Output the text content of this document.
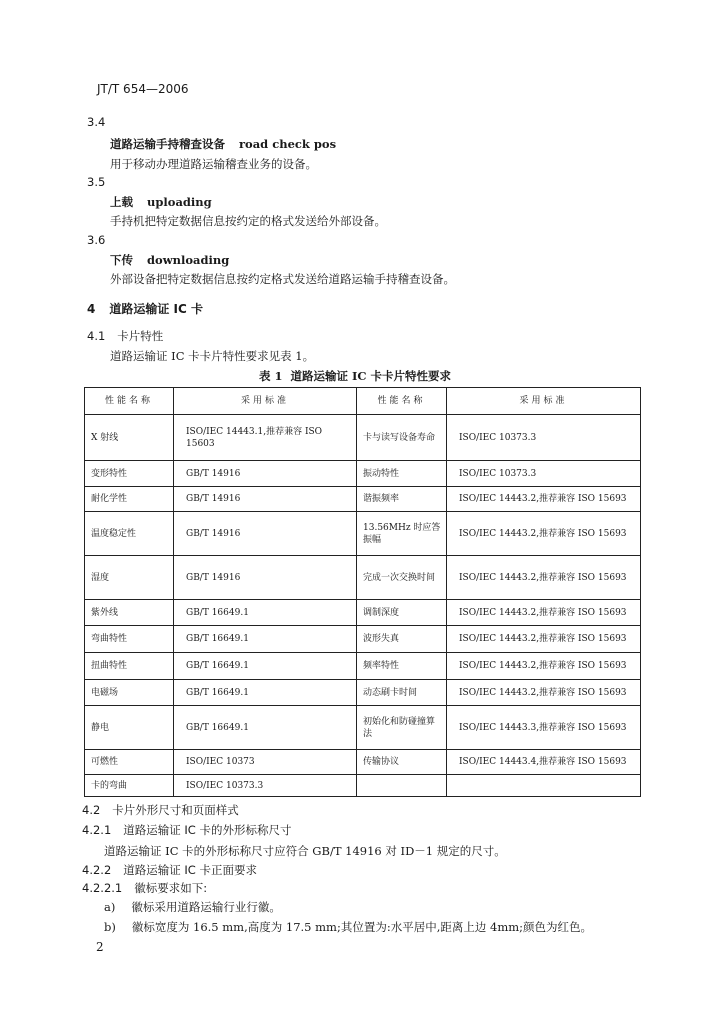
JT/T 654—2006
3.4
道路运输手持稽查设备 road check pos
用于移动办理道路运输稽查业务的设备。
3.5
上载 uploading
手持机把特定数据信息按约定的格式发送给外部设备。
3.6
下传 downloading
外部设备把特定数据信息按约定格式发送给道路运输手持稽查设备。
4 道路运输证 IC 卡
4.1 卡片特性
道路运输证 IC 卡卡片特性要求见表 1。
表 1 道路运输证 IC 卡卡片特性要求
性能名称	采用标准	性能名称	采用标准
X 射线	ISO/IEC 14443.1,推荐兼容 ISO 15603	卡与读写设备寿命	ISO/IEC 10373.3
变形特性	GB/T 14916	振动特性	ISO/IEC 10373.3
耐化学性	GB/T 14916	谐振频率	ISO/IEC 14443.2,推荐兼容 ISO 15693
温度稳定性	GB/T 14916	13.56MHz 时应答振幅	ISO/IEC 14443.2,推荐兼容 ISO 15693
湿度	GB/T 14916	完成一次交换时间	ISO/IEC 14443.2,推荐兼容 ISO 15693
紫外线	GB/T 16649.1	调制深度	ISO/IEC 14443.2,推荐兼容 ISO 15693
弯曲特性	GB/T 16649.1	波形失真	ISO/IEC 14443.2,推荐兼容 ISO 15693
扭曲特性	GB/T 16649.1	频率特性	ISO/IEC 14443.2,推荐兼容 ISO 15693
电磁场	GB/T 16649.1	动态刷卡时间	ISO/IEC 14443.2,推荐兼容 ISO 15693
静电	GB/T 16649.1	初始化和防碰撞算法	ISO/IEC 14443.3,推荐兼容 ISO 15693
可燃性	ISO/IEC 10373	传输协议	ISO/IEC 14443.4,推荐兼容 ISO 15693
卡的弯曲	ISO/IEC 10373.3		
4.2 卡片外形尺寸和页面样式
4.2.1 道路运输证 IC 卡的外形标称尺寸
道路运输证 IC 卡的外形标称尺寸应符合 GB/T 14916 对 ID－1 规定的尺寸。
4.2.2 道路运输证 IC 卡正面要求
4.2.2.1 徽标要求如下:
a) 徽标采用道路运输行业行徽。
b) 徽标宽度为 16.5 mm,高度为 17.5 mm;其位置为:水平居中,距离上边 4mm;颜色为红色。
2
